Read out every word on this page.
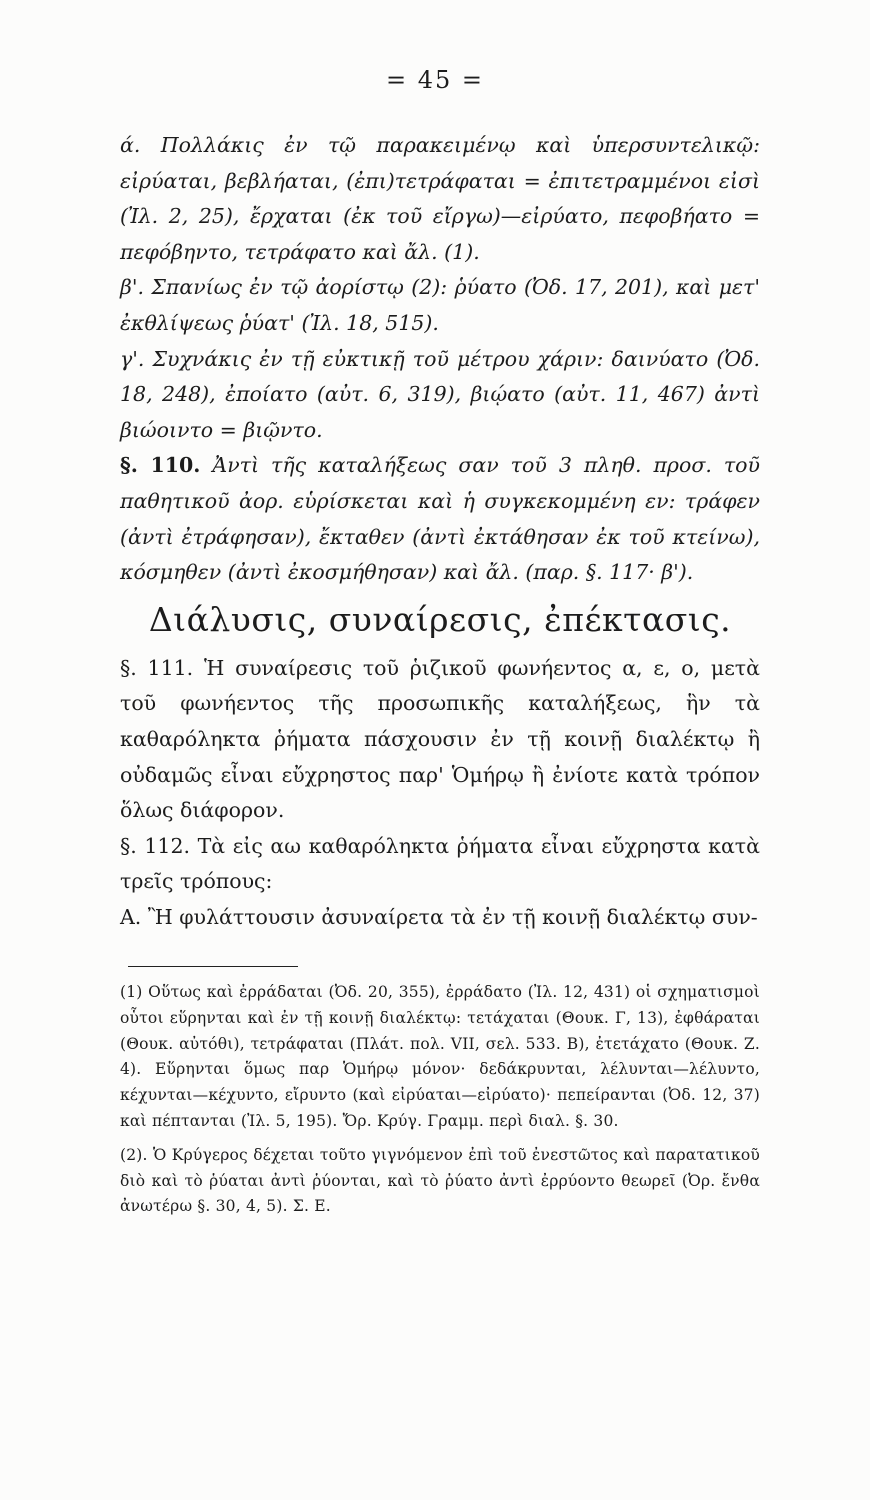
= 45 =

ά. Πολλάκις ἐν τῷ παρακειμένῳ καὶ ὑπερσυντελικῷ: εἰρύαται, βεβλήαται, (ἐπι)τετράφαται = ἐπιτετραμμένοι εἰσὶ (Ἰλ. 2, 25), ἔρχαται (ἐκ τοῦ εἴργω)—εἰρύατο, πεφοβήατο = πεφόβηντο, τετράφατο καὶ ἄλ. (1).

β'. Σπανίως ἐν τῷ ἀορίστῳ (2): ῥύατο (Ὀδ. 17, 201), καὶ μετ' ἐκθλίψεως ῥύατ' (Ἰλ. 18, 515).

γ'. Συχνάκις ἐν τῇ εὐκτικῇ τοῦ μέτρου χάριν: δαινύατο (Ὀδ. 18, 248), ἐποίατο (αὐτ. 6, 319), βιῴατο (αὐτ. 11, 467) ἀντὶ βιώοιντο = βιῷντο.

§. 110. Ἀντὶ τῆς καταλήξεως σαν τοῦ 3 πληθ. προσ. τοῦ παθητικοῦ ἀορ. εὑρίσκεται καὶ ἡ συγκεκομμένη εν: τράφεν (ἀντὶ ἐτράφησαν), ἔκταθεν (ἀντὶ ἐκτάθησαν ἐκ τοῦ κτείνω), κόσμηθεν (ἀντὶ ἐκοσμήθησαν) καὶ ἄλ. (παρ. §. 117· β').

Διάλυσις, συναίρεσις, ἐπέκτασις.

§. 111. Ἡ συναίρεσις τοῦ ῥιζικοῦ φωνήεντος α, ε, ο, μετὰ τοῦ φωνήεντος τῆς προσωπικῆς καταλήξεως, ἣν τὰ καθαρόληκτα ῥήματα πάσχουσιν ἐν τῇ κοινῇ διαλέκτῳ ἢ οὐδαμῶς εἶναι εὔχρηστος παρ' Ὁμήρῳ ἢ ἐνίοτε κατὰ τρόπον ὅλως διάφορον.

§. 112. Τὰ εἰς αω καθαρόληκτα ῥήματα εἶναι εὔχρηστα κατὰ τρεῖς τρόπους:

Α. Ἢ φυλάττουσιν ἀσυναίρετα τὰ ἐν τῇ κοινῇ διαλέκτῳ συν-

(1) Οὕτως καὶ ἐρράδαται (Ὀδ. 20, 355), ἐρράδατο (Ἰλ. 12, 431) οἱ σχηματισμοὶ οὗτοι εὕρηνται καὶ ἐν τῇ κοινῇ διαλέκτῳ: τετάχαται (Θουκ. Γ, 13), ἐφθάραται (Θουκ. αὐτόθι), τετράφαται (Πλάτ. πολ. VII, σελ. 533. Β), ἐτετάχατο (Θουκ. Ζ. 4). Εὕρηνται ὅμως παρ Ὁμήρῳ μόνον· δεδάκρυνται, λέλυνται—λέλυντο, κέχυνται—κέχυντο, εἴρυντο (καὶ εἰρύαται—εἰρύατο)· πεπείρανται (Ὀδ. 12, 37) καὶ πέπτανται (Ἰλ. 5, 195). Ὄρ. Κρύγ. Γραμμ. περὶ διαλ. §. 30.

(2). Ὁ Κρύγερος δέχεται τοῦτο γιγνόμενον ἐπὶ τοῦ ἐνεστῶτος καὶ παρατατικοῦ διὸ καὶ τὸ ῥύαται ἀντὶ ῥύονται, καὶ τὸ ῥύατο ἀντὶ ἐρρύοντο θεωρεῖ (Ὀρ. ἔνθα ἀνωτέρω §. 30, 4, 5). Σ. Ε.
